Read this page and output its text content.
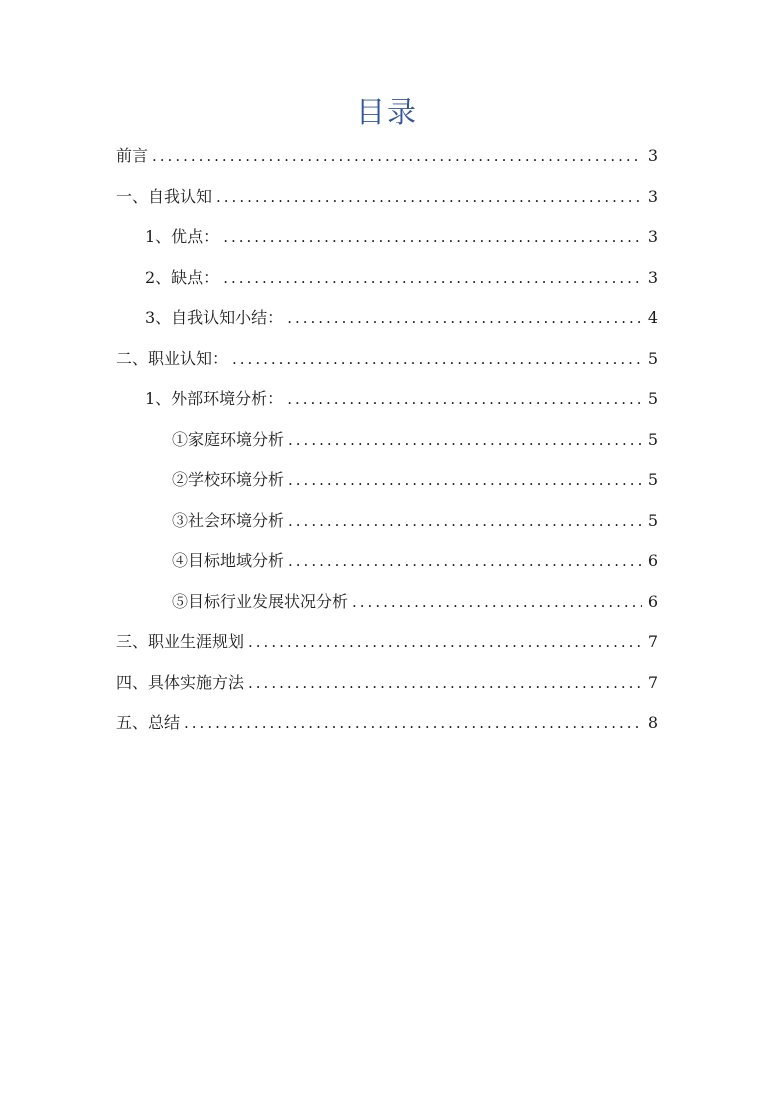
目录
前言 .....	3
一、自我认知 .....	3
1、优点： .....	3
2、缺点： .....	3
3、自我认知小结： .....	4
二、职业认知： .....	5
1、外部环境分析： .....	5
①家庭环境分析 .....	5
②学校环境分析 .....	5
③社会环境分析 .....	5
④目标地域分析 .....	6
⑤目标行业发展状况分析 .....	6
三、职业生涯规划 .....	7
四、具体实施方法 .....	7
五、总结 .....	8
